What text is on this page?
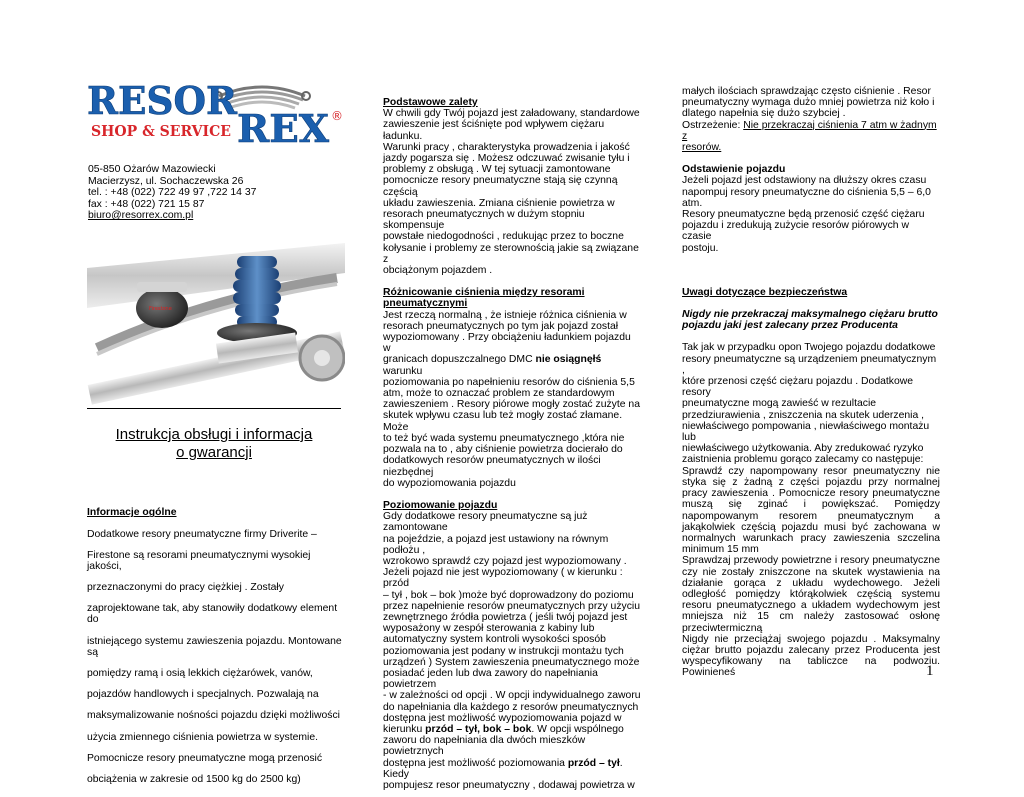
RESOR
SHOP & SERVICE REX ®
05-850 Ożarów Mazowiecki
Macierzysz, ul. Sochaczewska 26
tel. : +48 (022) 722 49 97 ,722 14 37
fax : +48 (022) 721 15 87
biuro@resorrex.com.pl
Firestone
Instrukcja obsługi i informacja
o gwarancji

Informacje ogólne

Dodatkowe resory pneumatyczne firmy Driverite –

Firestone są resorami pneumatycznymi wysokiej jakości,

przeznaczonymi do pracy ciężkiej . Zostały

zaprojektowane tak, aby stanowiły dodatkowy element do

istniejącego systemu zawieszenia pojazdu. Montowane są

pomiędzy ramą i osią lekkich ciężarówek, vanów,

pojazdów handlowych i specjalnych. Pozwalają na

maksymalizowanie nośności pojazdu dzięki możliwości

użycia zmiennego ciśnienia powietrza w systemie.

Pomocnicze resory pneumatyczne mogą przenosić

obciążenia w zakresie od 1500 kg do 2500 kg)

Podstawowe zalety

W chwili gdy Twój pojazd jest załadowany, standardowe

zawieszenie jest ściśnięte pod wpływem ciężaru ładunku.

Warunki pracy , charakterystyka prowadzenia i jakość

jazdy pogarsza się . Możesz odczuwać zwisanie tyłu i

problemy z obsługą . W tej sytuacji zamontowane

pomocnicze resory pneumatyczne stają się czynną częścią

układu zawieszenia. Zmiana ciśnienie powietrza w

resorach pneumatycznych w dużym stopniu skompensuje

powstałe niedogodności , redukując przez to boczne

kołysanie i problemy ze sterownością jakie są związane z

obciążonym pojazdem .

Różnicowanie ciśnienia między resorami

pneumatycznymi

Jest rzeczą normalną , że istnieje różnica ciśnienia w

resorach pneumatycznych po tym jak pojazd został

wypoziomowany . Przy obciążeniu ładunkiem pojazdu w

granicach dopuszczalnego DMC nie osiągnęłś warunku

poziomowania po napełnieniu resorów do ciśnienia 5,5

atm, może to oznaczać problem ze standardowym

zawieszeniem . Resory piórowe mogły zostać zużyte na

skutek wpływu czasu lub też mogły zostać złamane. Może

to też być wada systemu pneumatycznego ,która nie

pozwala na to , aby ciśnienie powietrza docierało do

dodatkowych resorów pneumatycznych w ilości niezbędnej

do wypoziomowania pojazdu

Poziomowanie pojazdu

Gdy dodatkowe resory pneumatyczne są już zamontowane

na pojeździe, a pojazd jest ustawiony na równym podłożu ,

wzrokowo sprawdź czy pojazd jest wypoziomowany .

Jeżeli pojazd nie jest wypoziomowany ( w kierunku : przód

– tył , bok – bok )może być doprowadzony do poziomu

przez napełnienie resorów pneumatycznych przy użyciu

zewnętrznego źródła powietrza ( jeśli twój pojazd jest

wyposażony w zespół sterowania z kabiny lub

automatyczny system kontroli wysokości sposób

poziomowania jest podany w instrukcji montażu tych

urządzeń ) System zawieszenia pneumatycznego może

posiadać jeden lub dwa zawory do napełniania powietrzem

- w zależności od opcji . W opcji indywidualnego zaworu

do napełniania dla każdego z resorów pneumatycznych

dostępna jest możliwość wypoziomowania pojazd w

kierunku przód – tył, bok – bok. W opcji wspólnego

zaworu do napełniania dla dwóch mieszków powietrznych

dostępna jest możliwość poziomowania przód – tył. Kiedy

pompujesz resor pneumatyczny , dodawaj powietrza w

małych ilościach sprawdzając często ciśnienie . Resor

pneumatyczny wymaga dużo mniej powietrza niż koło i

dlatego napełnia się dużo szybciej .

Ostrzeżenie: Nie przekraczaj ciśnienia 7 atm w żadnym z

resorów.

Odstawienie pojazdu

Jeżeli pojazd jest odstawiony na dłuższy okres czasu

napompuj resory pneumatyczne do ciśnienia 5,5 – 6,0 atm.

Resory pneumatyczne będą przenosić część ciężaru

pojazdu i zredukują zużycie resorów piórowych w czasie

postoju.

Uwagi dotyczące bezpieczeństwa

Nigdy nie przekraczaj maksymalnego ciężaru brutto

pojazdu jaki jest zalecany przez Producenta

Tak jak w przypadku opon Twojego pojazdu dodatkowe

resory pneumatyczne są urządzeniem pneumatycznym ,

które przenosi część ciężaru pojazdu . Dodatkowe resory

pneumatyczne mogą zawieść w rezultacie

przedziurawienia , zniszczenia na skutek uderzenia ,

niewłaściwego pompowania , niewłaściwego montażu lub

niewłaściwego użytkowania. Aby zredukować ryzyko

zaistnienia problemu gorąco zalecamy co następuje:

Sprawdź czy napompowany resor pneumatyczny nie styka się z żadną z części pojazdu przy normalnej pracy zawieszenia . Pomocnicze resory pneumatyczne muszą się zginać i powiększać. Pomiędzy napompowanym resorem pneumatycznym a jakąkolwiek częścią pojazdu musi być zachowana w normalnych warunkach pracy zawieszenia szczelina minimum 15 mm

Sprawdzaj przewody powietrzne i resory pneumatyczne czy nie zostały zniszczone na skutek wystawienia na działanie gorąca z układu wydechowego. Jeżeli odległość pomiędzy którąkolwiek częścią systemu resoru pneumatycznego a układem wydechowym jest mniejsza niż 15 cm należy zastosować osłonę przeciwtermiczną

Nigdy nie przeciążaj swojego pojazdu . Maksymalny ciężar brutto pojazdu zalecany przez Producenta jest wyspecyfikowany na tabliczce na podwoziu. Powinieneś	1
